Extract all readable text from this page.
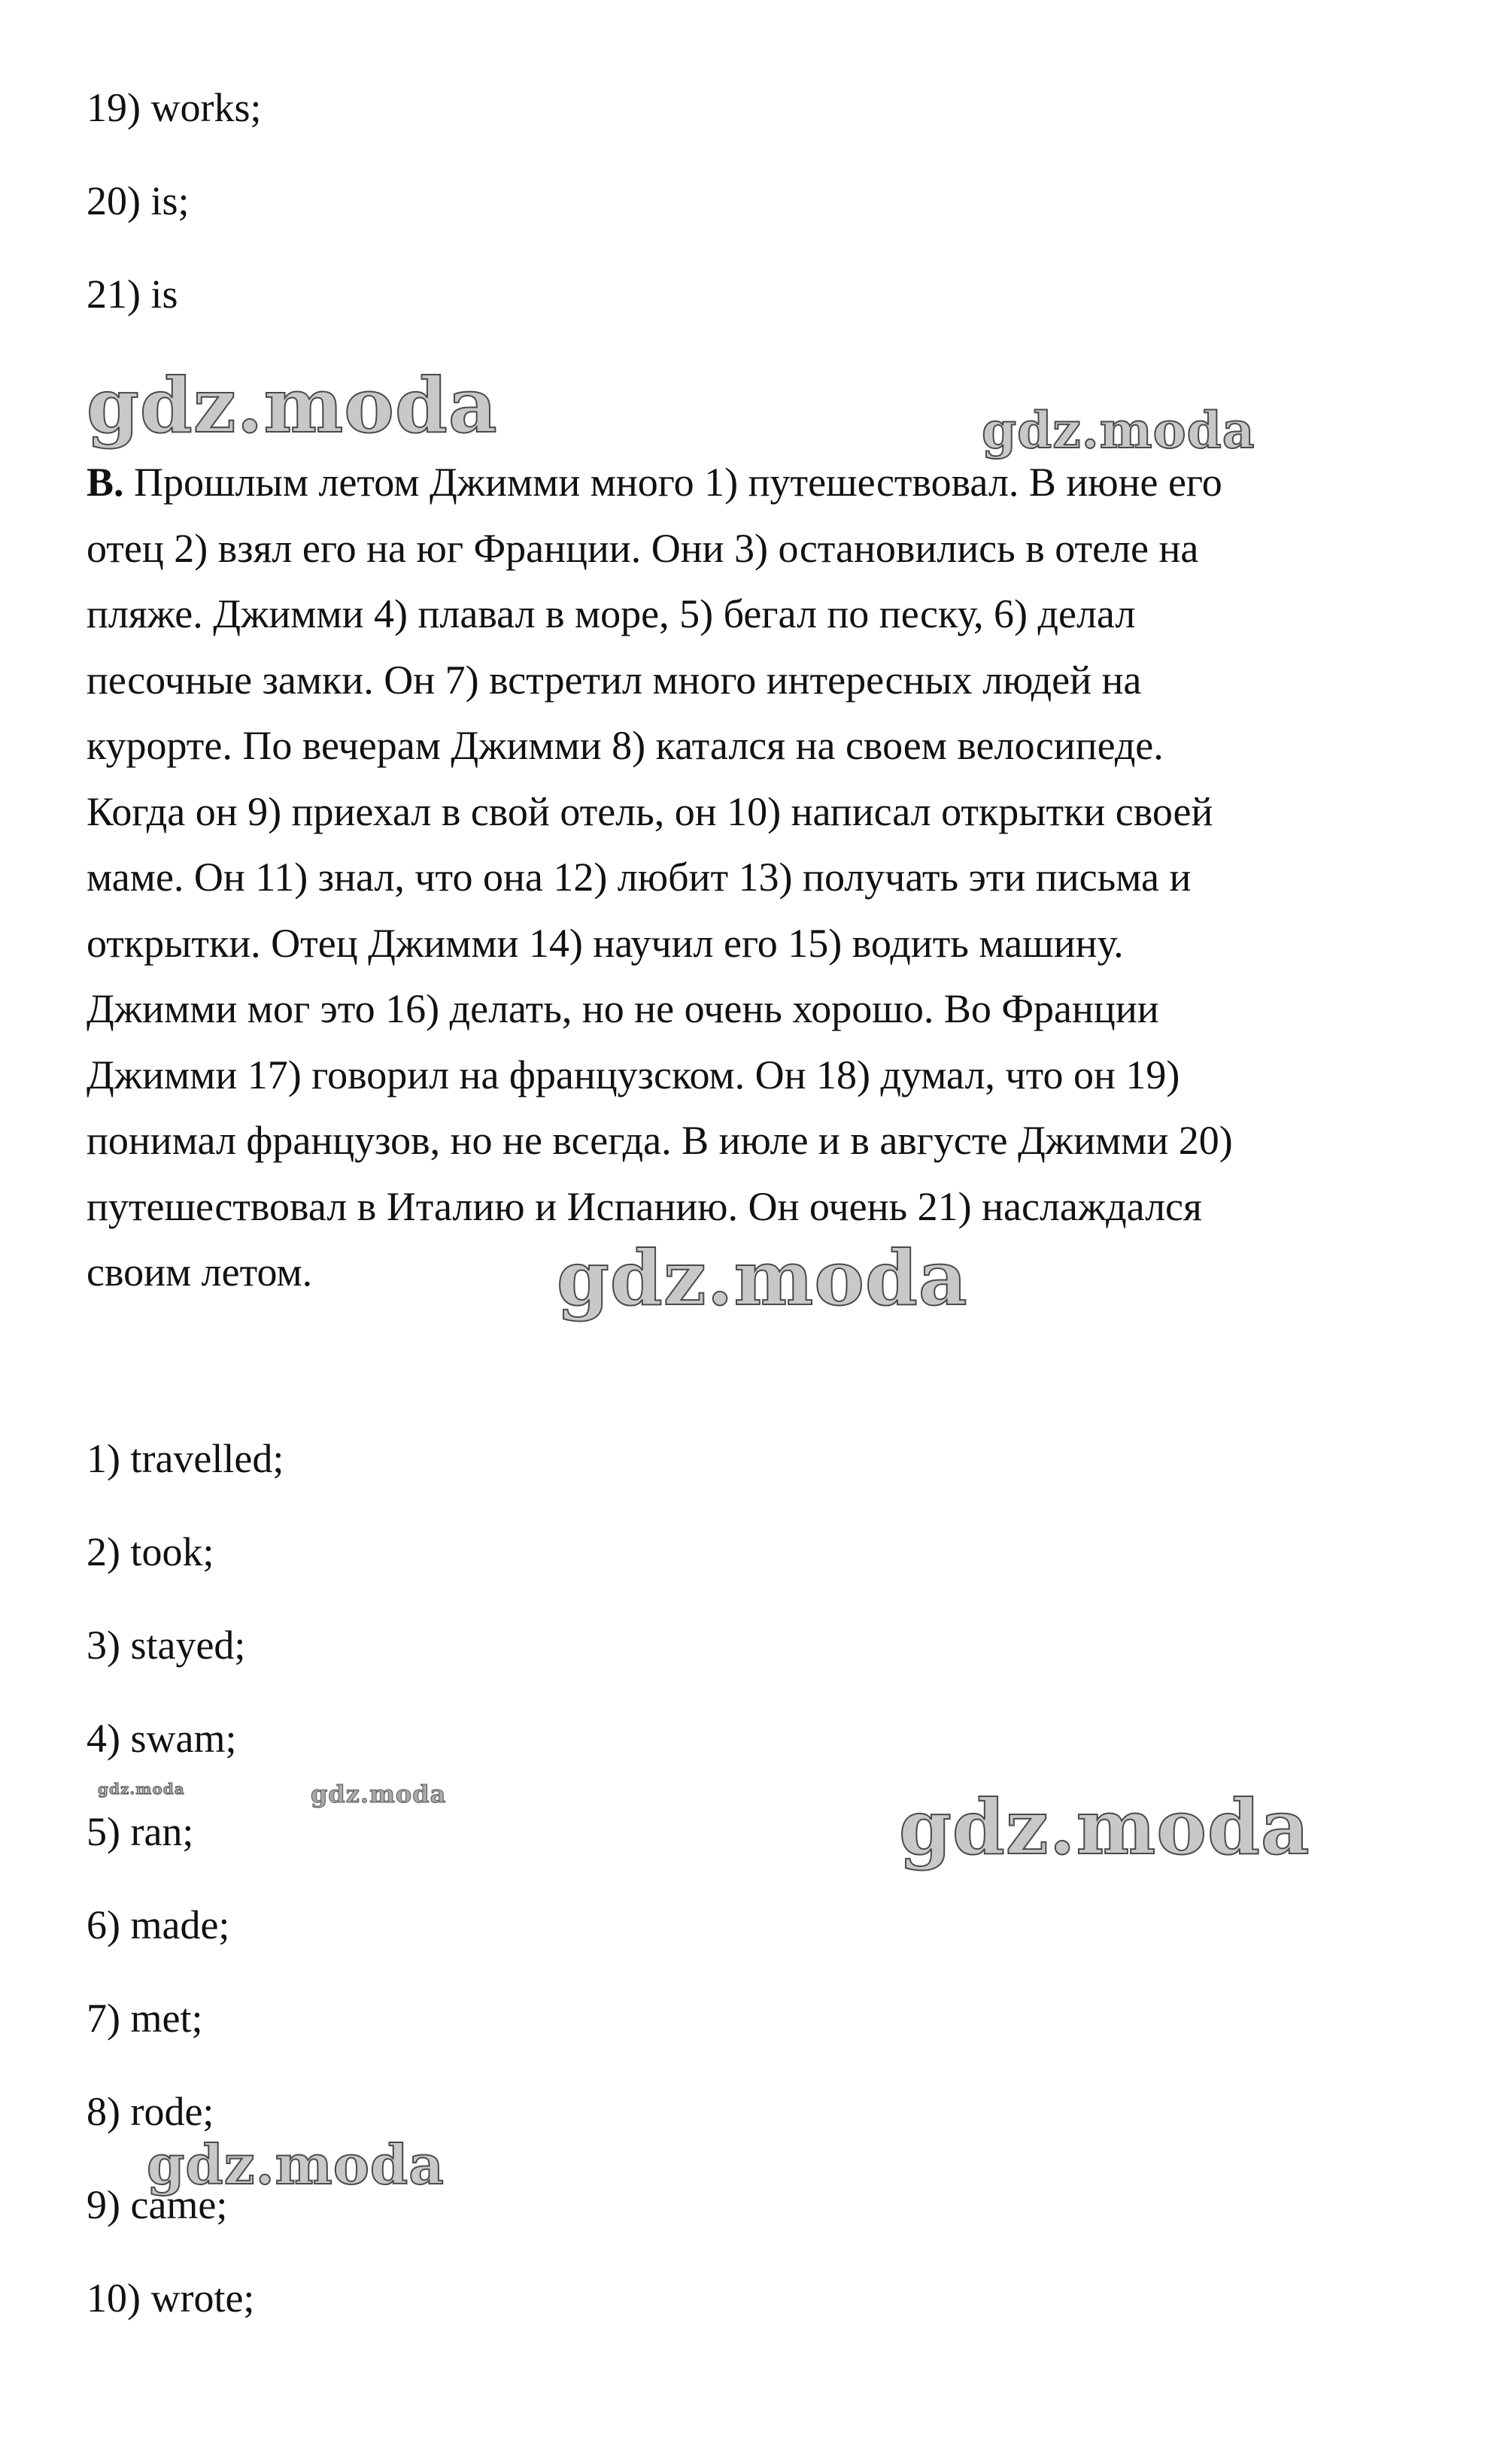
19) works;
20) is;
21) is
B. Прошлым летом Джимми много 1) путешествовал. В июне его
отец 2) взял его на юг Франции. Они 3) остановились в отеле на
пляже. Джимми 4) плавал в море, 5) бегал по песку, 6) делал
песочные замки. Он 7) встретил много интересных людей на
курорте. По вечерам Джимми 8) катался на своем велосипеде.
Когда он 9) приехал в свой отель, он 10) написал открытки своей
маме. Он 11) знал, что она 12) любит 13) получать эти письма и
открытки. Отец Джимми 14) научил его 15) водить машину.
Джимми мог это 16) делать, но не очень хорошо. Во Франции
Джимми 17) говорил на французском. Он 18) думал, что он 19)
понимал французов, но не всегда. В июле и в августе Джимми 20)
путешествовал в Италию и Испанию. Он очень 21) наслаждался
своим летом.
1) travelled;
2) took;
3) stayed;
4) swam;
5) ran;
6) made;
7) met;
8) rode;
9) came;
10) wrote;
gdz.moda	gdz.moda
gdz.moda
gdz.moda	gdz.moda	gdz.moda
gdz.moda
